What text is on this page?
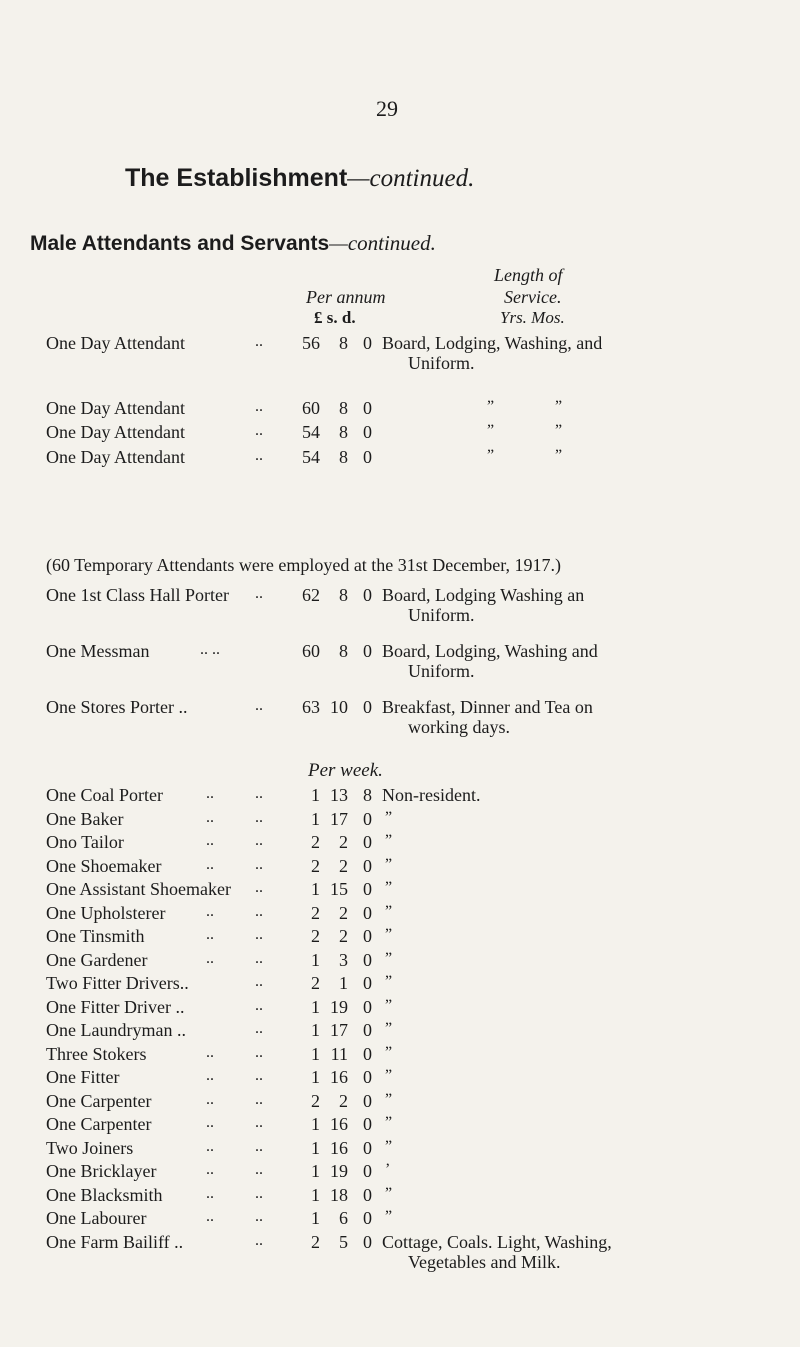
29
The Establishment—continued.
Male Attendants and Servants—continued.
Length of
Per annum	Service.
£ s. d.	Yrs. Mos.
One Day Attendant	..	56 8 0 Board, Lodging, Washing, and
Uniform.
One Day Attendant	..	60 8 0	”	”
One Day Attendant	..	54 8 0	”	”
One Day Attendant	..	54 8 0	”	”
(60 Temporary Attendants were employed at the 31st December, 1917.)
One 1st Class Hall Porter ..	62 8 0 Board, Lodging Washing an
Uniform.
One Messman	.. ..	60 8 0 Board, Lodging, Washing and
Uniform.
One Stores Porter ..	..	63 10 0 Breakfast, Dinner and Tea on
working days.
Per week.
One Coal Porter	..	..	1 13 8 Non-resident.
One Baker	..	..	1 17 0 ”
Ono Tailor	..	..	2 2 0 ”
One Shoemaker	..	..	2 2 0 ”
One Assistant Shoemaker ..	1 15 0 ”
One Upholsterer	..	..	2 2 0 ”
One Tinsmith	..	..	2 2 0 ”
One Gardener	..	..	1 3 0 ”
Two Fitter Drivers..	..	2 1 0 ”
One Fitter Driver ..	..	1 19 0 ”
One Laundryman ..	..	1 17 0 ”
Three Stokers	..	..	1 11 0 ”
One Fitter	..	..	1 16 0 ”
One Carpenter	..	..	2 2 0 ”
One Carpenter	..	..	1 16 0 ”
Two Joiners	..	..	1 16 0 ”
One Bricklayer	..	..	1 19 0 ’
One Blacksmith	..	..	1 18 0 ”
One Labourer	..	..	1 6 0 ”
One Farm Bailiff ..	..	2 5 0 Cottage, Coals. Light, Washing,
Vegetables and Milk.
